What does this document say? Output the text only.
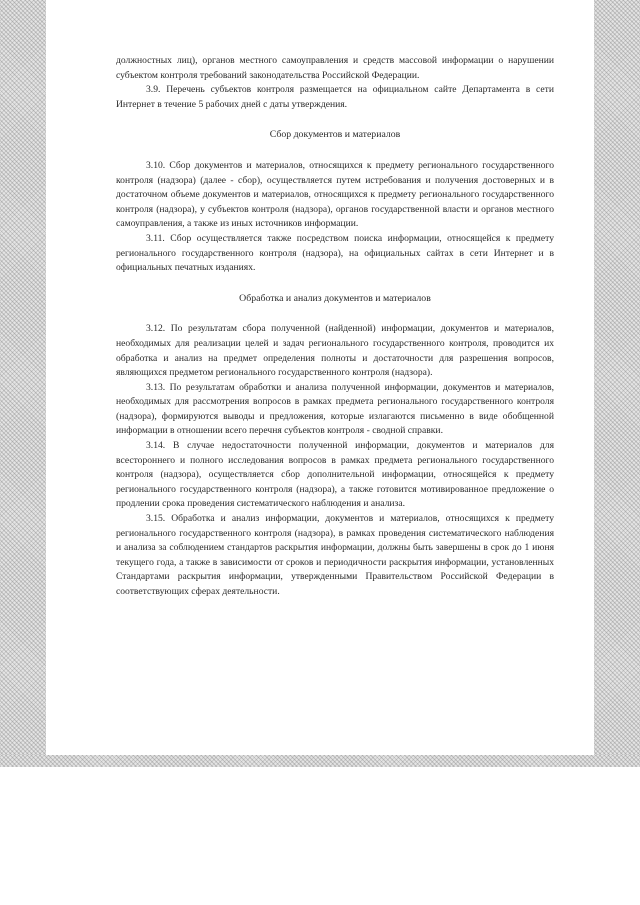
должностных лиц), органов местного самоуправления и средств массовой информации о нарушении субъектом контроля требований законодательства Российской Федерации.

3.9. Перечень субъектов контроля размещается на официальном сайте Департамента в сети Интернет в течение 5 рабочих дней с даты утверждения.

Сбор документов и материалов

3.10. Сбор документов и материалов, относящихся к предмету регионального государственного контроля (надзора) (далее - сбор), осуществляется путем истребования и получения достоверных и в достаточном объеме документов и материалов, относящихся к предмету регионального государственного контроля (надзора), у субъектов контроля (надзора), органов государственной власти и органов местного самоуправления, а также из иных источников информации.

3.11. Сбор осуществляется также посредством поиска информации, относящейся к предмету регионального государственного контроля (надзора), на официальных сайтах в сети Интернет и в официальных печатных изданиях.

Обработка и анализ документов и материалов

3.12. По результатам сбора полученной (найденной) информации, документов и материалов, необходимых для реализации целей и задач регионального государственного контроля, проводится их обработка и анализ на предмет определения полноты и достаточности для разрешения вопросов, являющихся предметом регионального государственного контроля (надзора).

3.13. По результатам обработки и анализа полученной информации, документов и материалов, необходимых для рассмотрения вопросов в рамках предмета регионального государственного контроля (надзора), формируются выводы и предложения, которые излагаются письменно в виде обобщенной информации в отношении всего перечня субъектов контроля - сводной справки.

3.14. В случае недостаточности полученной информации, документов и материалов для всестороннего и полного исследования вопросов в рамках предмета регионального государственного контроля (надзора), осуществляется сбор дополнительной информации, относящейся к предмету регионального государственного контроля (надзора), а также готовится мотивированное предложение о продлении срока проведения систематического наблюдения и анализа.

3.15. Обработка и анализ информации, документов и материалов, относящихся к предмету регионального государственного контроля (надзора), в рамках проведения систематического наблюдения и анализа за соблюдением стандартов раскрытия информации, должны быть завершены в срок до 1 июня текущего года, а также в зависимости от сроков и периодичности раскрытия информации, установленных Стандартами раскрытия информации, утвержденными Правительством Российской Федерации в соответствующих сферах деятельности.
